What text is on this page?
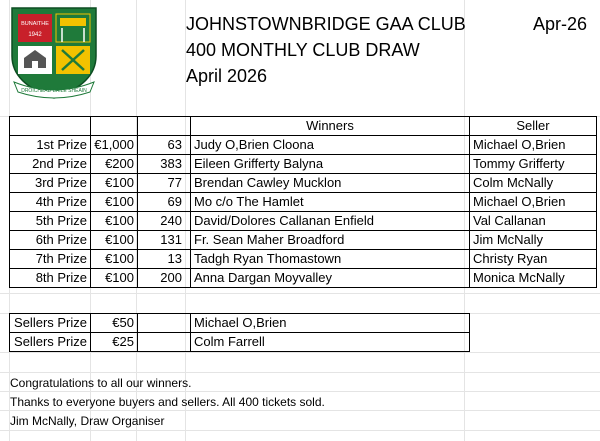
BUNAITHE
1942
DROICHEAD BAILE SHEAIN
JOHNSTOWNBRIDGE GAA CLUB
400 MONTHLY CLUB DRAW
April 2026
Apr-26
			Winners	Seller
1st Prize	€1,000	63	Judy O,Brien Cloona	Michael O,Brien
2nd Prize	€200	383	Eileen Grifferty Balyna	Tommy Grifferty
3rd Prize	€100	77	Brendan Cawley Mucklon	Colm McNally
4th Prize	€100	69	Mo c/o The Hamlet	Michael O,Brien
5th Prize	€100	240	David/Dolores Callanan Enfield	Val Callanan
6th Prize	€100	131	Fr. Sean Maher Broadford	Jim McNally
7th Prize	€100	13	Tadgh Ryan Thomastown	Christy Ryan
8th Prize	€100	200	Anna Dargan Moyvalley	Monica McNally
Sellers Prize	€50		Michael O,Brien
Sellers Prize	€25		Colm Farrell
Congratulations to all our winners.
Thanks to everyone buyers and sellers. All 400 tickets sold.
Jim McNally, Draw Organiser
